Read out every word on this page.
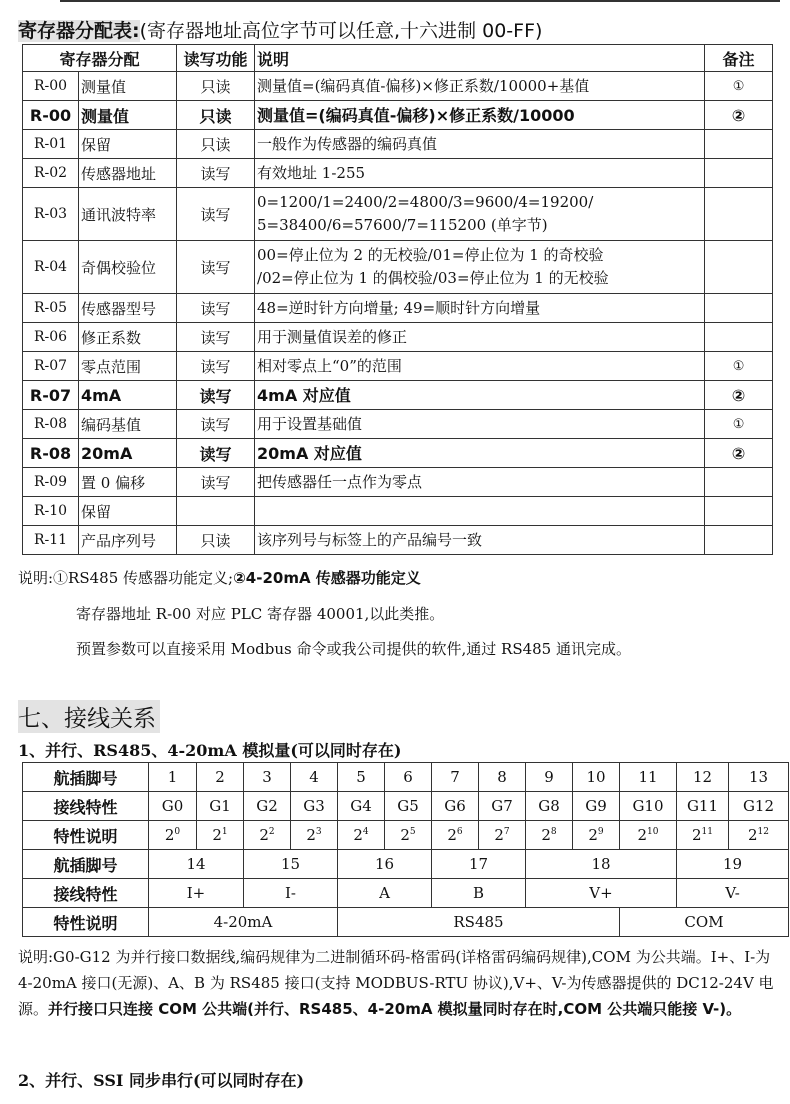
寄存器分配表:(寄存器地址高位字节可以任意,十六进制 00-FF)
寄存器分配		读写功能	说明	备注
R-00	测量值	只读	测量值=(编码真值-偏移)×修正系数/10000+基值	①
R-00	测量值	只读	测量值=(编码真值-偏移)×修正系数/10000	②
R-01	保留	只读	一般作为传感器的编码真值	

R-02	传感器地址	读写	有效地址 1-255	

R-03	通讯波特率	读写	0=1200/1=2400/2=4800/3=9600/4=19200/
5=38400/6=57600/7=115200 (单字节)	

R-04	奇偶校验位	读写	00=停止位为 2 的无校验/01=停止位为 1 的奇校验
/02=停止位为 1 的偶校验/03=停止位为 1 的无校验	

R-05	传感器型号	读写	48=逆时针方向增量; 49=顺时针方向增量	

R-06	修正系数	读写	用于测量值误差的修正	

R-07	零点范围	读写	相对零点上“0”的范围	①
R-07	4mA	读写	4mA 对应值	②
R-08	编码基值	读写	用于设置基础值	①
R-08	20mA	读写	20mA 对应值	②
R-09	置 0 偏移	读写	把传感器任一点作为零点	

R-10	保留		

R-11	产品序列号	只读	该序列号与标签上的产品编号一致	

说明:①RS485 传感器功能定义;②4-20mA 传感器功能定义
寄存器地址 R-00 对应 PLC 寄存器 40001,以此类推。
预置参数可以直接采用 Modbus 命令或我公司提供的软件,通过 RS485 通讯完成。
七、接线关系
1、并行、RS485、4-20mA 模拟量(可以同时存在)
航插脚号	1	2	3	4	5	6	7	8	9	10	11	12	13
接线特性	G0	G1	G2	G3	G4	G5	G6	G7	G8	G9	G10	G11	G12
特性说明	$2^0$	$2^1$	$2^2$	$2^3$	$2^4$	$2^5$	$2^6$	$2^7$	$2^8$	$2^9$	$2^{10}$	$2^{11}$	$2^{12}$
航插脚号	14		15		16		17		18			19	
接线特性	I+		I-		A		B		V+			V-	
特性说明	4-20mA				RS485						COM		
说明:G0-G12 为并行接口数据线,编码规律为二进制循环码-格雷码(详格雷码编码规律),COM 为公共端。I+、I-为 4-20mA 接口(无源)、A、B 为 RS485 接口(支持 MODBUS-RTU 协议),V+、V-为传感器提供的 DC12-24V 电源。并行接口只连接 COM 公共端(并行、RS485、4-20mA 模拟量同时存在时,COM 公共端只能接 V-)。
2、并行、SSI 同步串行(可以同时存在)
